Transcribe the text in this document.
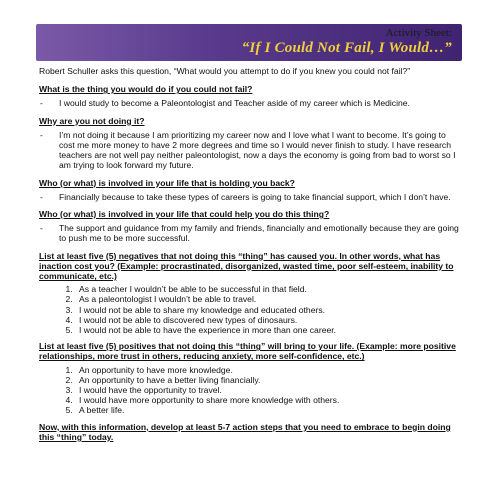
Activity Sheet:
“If I Could Not Fail, I Would…”

Robert Schuller asks this question, “What would you attempt to do if you knew you could not fail?”

What is the thing you would do if you could not fail?

-	I would study to become a Paleontologist and Teacher aside of my career which is Medicine.

Why are you not doing it?

-	I’m not doing it because I am prioritizing my career now and I love what I want to become. It’s going to cost me more money to have 2 more degrees and time so I would never finish to study. I have research teachers are not well pay neither paleontologist, now a days the economy is going from bad to worst so I am trying to look forward my future.

Who (or what) is involved in your life that is holding you back?

-	Financially because to take these types of careers is going to take financial support, which I don’t have.

Who (or what) is involved in your life that could help you do this thing?

-	The support and guidance from my family and friends, financially and emotionally because they are going to push me to be more successful.

List at least five (5) negatives that not doing this “thing” has caused you. In other words, what has inaction cost you? (Example: procrastinated, disorganized, wasted time, poor self-esteem, inability to communicate, etc.)

1. As a teacher I wouldn’t be able to be successful in that field.
2. As a paleontologist I wouldn’t be able to travel.
3. I would not be able to share my knowledge and educated others.
4. I would not be able to discovered new types of dinosaurs.
5. I would not be able to have the experience in more than one career.

List at least five (5) positives that not doing this “thing” will bring to your life. (Example: more positive relationships, more trust in others, reducing anxiety, more self-confidence, etc.)

1. An opportunity to have more knowledge.
2. An opportunity to have a better living financially.
3. I would have the opportunity to travel.
4. I would have more opportunity to share more knowledge with others.
5. A better life.

Now, with this information, develop at least 5-7 action steps that you need to embrace to begin doing this “thing” today.
